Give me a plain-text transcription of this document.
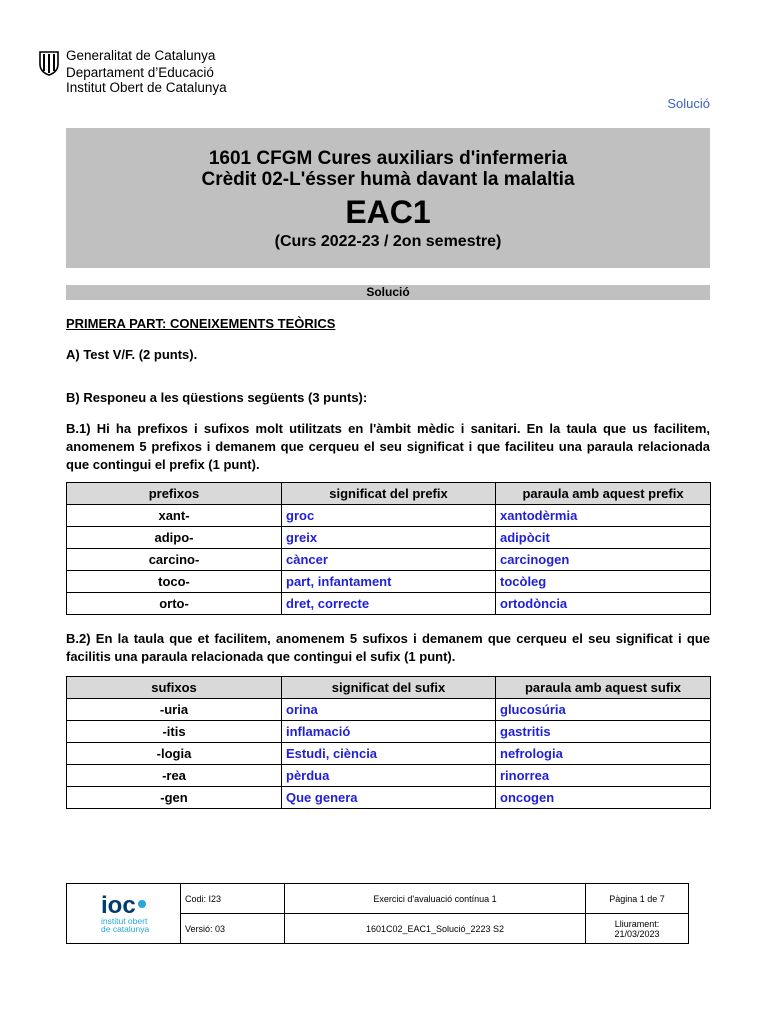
Generalitat de Catalunya
Departament d’Educació
Institut Obert de Catalunya
Solució
1601 CFGM Cures auxiliars d'infermeria
Crèdit 02-L'ésser humà davant la malaltia
EAC1
(Curs 2022-23 / 2on semestre)
Solució
PRIMERA PART: CONEIXEMENTS TEÒRICS
A) Test V/F. (2 punts).
B) Responeu a les qüestions següents (3 punts):
B.1) Hi ha prefixos i sufixos molt utilitzats en l'àmbit mèdic i sanitari. En la taula que us facilitem, anomenem 5 prefixos i demanem que cerqueu el seu significat i que faciliteu una paraula relacionada que contingui el prefix (1 punt).
prefixos	significat del prefix	paraula amb aquest prefix
xant-	groc	xantodèrmia
adipo-	greix	adipòcit
carcino-	càncer	carcinogen
toco-	part, infantament	tocòleg
orto-	dret, correcte	ortodòncia
B.2) En la taula que et facilitem, anomenem 5 sufixos i demanem que cerqueu el seu significat i que facilitis una paraula relacionada que contingui el sufix (1 punt).
sufixos	significat del sufix	paraula amb aquest sufix
-uria	orina	glucosúria
-itis	inflamació	gastritis
-logia	Estudi, ciència	nefrologia
-rea	pèrdua	rinorrea
-gen	Que genera	oncogen
ioc
institut obert
de catalunya	Codi: I23	Exercici d'avaluació contínua 1	Pàgina 1 de 7
	Versió: 03	1601C02_EAC1_Solució_2223 S2	Lliurament:
21/03/2023
